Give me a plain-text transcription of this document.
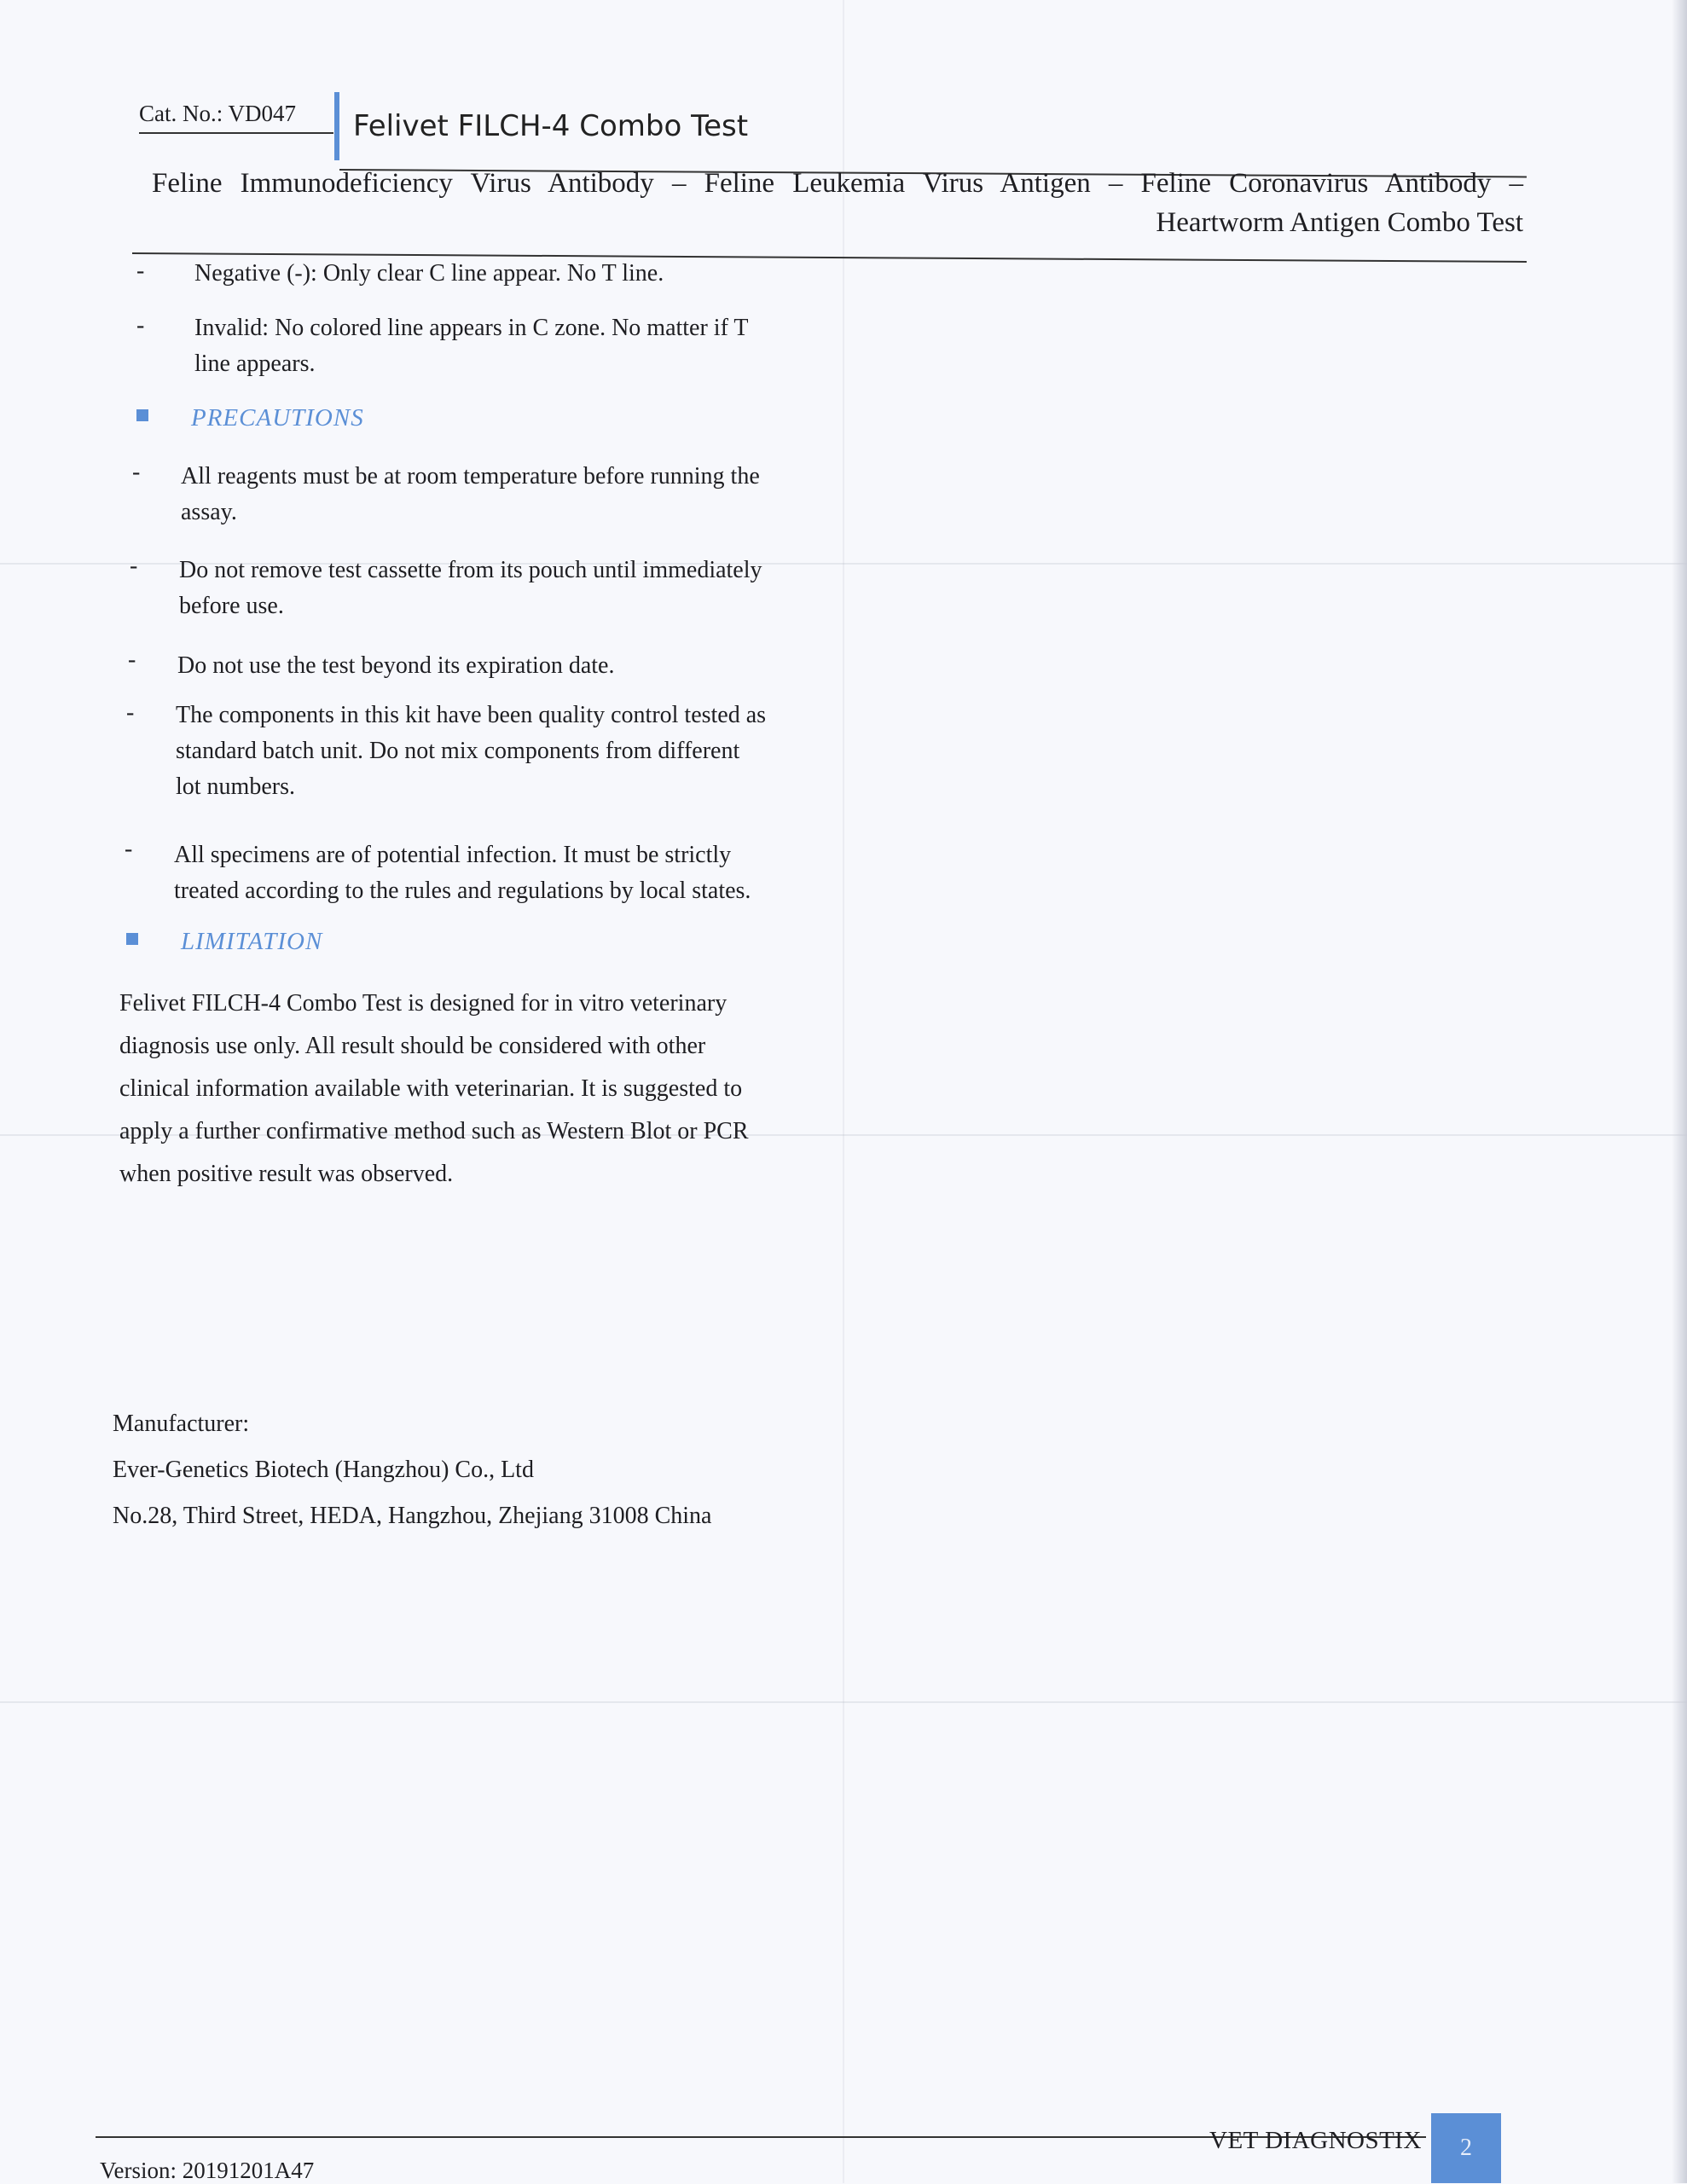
Cat. No.: VD047	Felivet FILCH-4 Combo Test
Feline Immunodeficiency Virus Antibody – Feline Leukemia Virus Antigen – Feline Coronavirus Antibody –
Heartworm Antigen Combo Test
- Negative (-): Only clear C line appear. No T line.
- Invalid: No colored line appears in C zone. No matter if T
line appears.
PRECAUTIONS
- All reagents must be at room temperature before running the
assay.
- Do not remove test cassette from its pouch until immediately
before use.
- Do not use the test beyond its expiration date.
- The components in this kit have been quality control tested as
standard batch unit. Do not mix components from different
lot numbers.
- All specimens are of potential infection. It must be strictly
treated according to the rules and regulations by local states.
LIMITATION
Felivet FILCH-4 Combo Test is designed for in vitro veterinary
diagnosis use only. All result should be considered with other
clinical information available with veterinarian. It is suggested to
apply a further confirmative method such as Western Blot or PCR
when positive result was observed.
Manufacturer:
Ever-Genetics Biotech (Hangzhou) Co., Ltd
No.28, Third Street, HEDA, Hangzhou, Zhejiang 31008 China
VET DIAGNOSTIX	2
Version: 20191201A47
